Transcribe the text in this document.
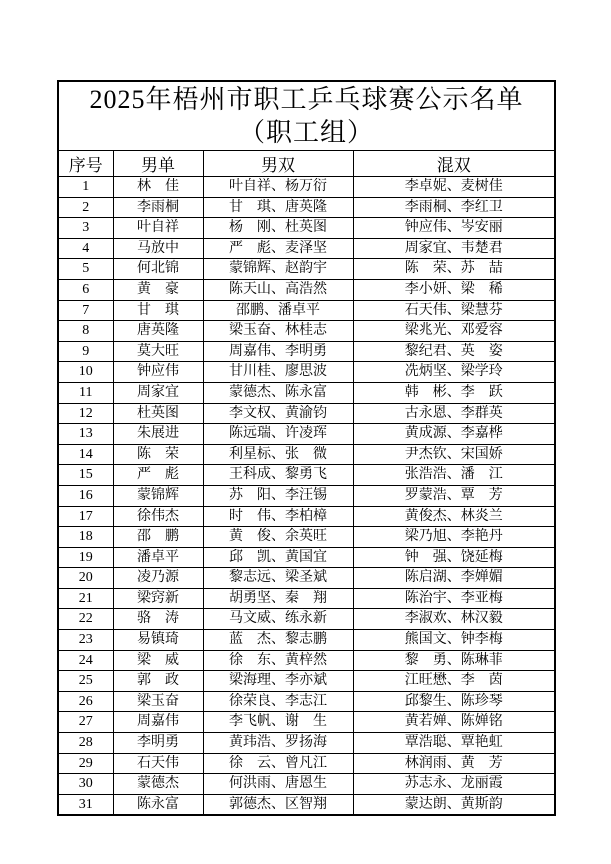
2025年梧州市职工乒乓球赛公示名单
（职工组）			

序号	男单	男双	混双
1	林　佳	叶自祥、杨万衍	李卓妮、麦树佳
2	李雨桐	甘　琪、唐英隆	李雨桐、李红卫
3	叶自祥	杨　刚、杜英图	钟应伟、岑安丽
4	马放中	严　彪、麦泽坚	周家宜、韦楚君
5	何北锦	蒙锦辉、赵韵宇	陈　荣、苏　喆
6	黄　豪	陈天山、高浩然	李小妍、梁　稀
7	甘　琪	邵鹏、潘卓平	石天伟、梁慧芬
8	唐英隆	梁玉奋、林桂志	梁兆光、邓爱容
9	莫大旺	周嘉伟、李明勇	黎纪君、英　姿
10	钟应伟	甘川桂、廖思波	冼炳坚、梁学玲
11	周家宜	蒙德杰、陈永富	韩　彬、李　跃
12	杜英图	李文权、黄渝钧	古永恩、李群英
13	朱展进	陈远瑞、许凌珲	黄成源、李嘉桦
14	陈　荣	利星标、张　微	尹杰钦、宋国娇
15	严　彪	王科成、黎勇飞	张浩浩、潘　江
16	蒙锦辉	苏　阳、李汪锡	罗蒙浩、覃　芳
17	徐伟杰	时　伟、李柏樟	黄俊杰、林炎兰
18	邵　鹏	黄　俊、余英旺	梁乃旭、李艳丹
19	潘卓平	邱　凯、黄国宜	钟　强、饶延梅
20	凌乃源	黎志远、梁圣斌	陈启湖、李婵媚
21	梁窍新	胡勇坚、秦　翔	陈治宇、李亚梅
22	骆　涛	马文威、练永新	李淑欢、林汉毅
23	易镇琦	蓝　杰、黎志鹏	熊国文、钟李梅
24	梁　威	徐　东、黄梓然	黎　勇、陈琳菲
25	郭　政	梁海理、李亦斌	江旺懋、李　茵
26	梁玉奋	徐荣良、李志江	邱黎生、陈珍琴
27	周嘉伟	李飞帆、谢　生	黄若婵、陈婵铭
28	李明勇	黄玮浩、罗扬海	覃浩聪、覃艳虹
29	石天伟	徐　云、曾凡江	林润雨、黄　芳
30	蒙德杰	何洪雨、唐恩生	苏志永、龙丽霞
31	陈永富	郭德杰、区智翔	蒙达朗、黄斯韵
